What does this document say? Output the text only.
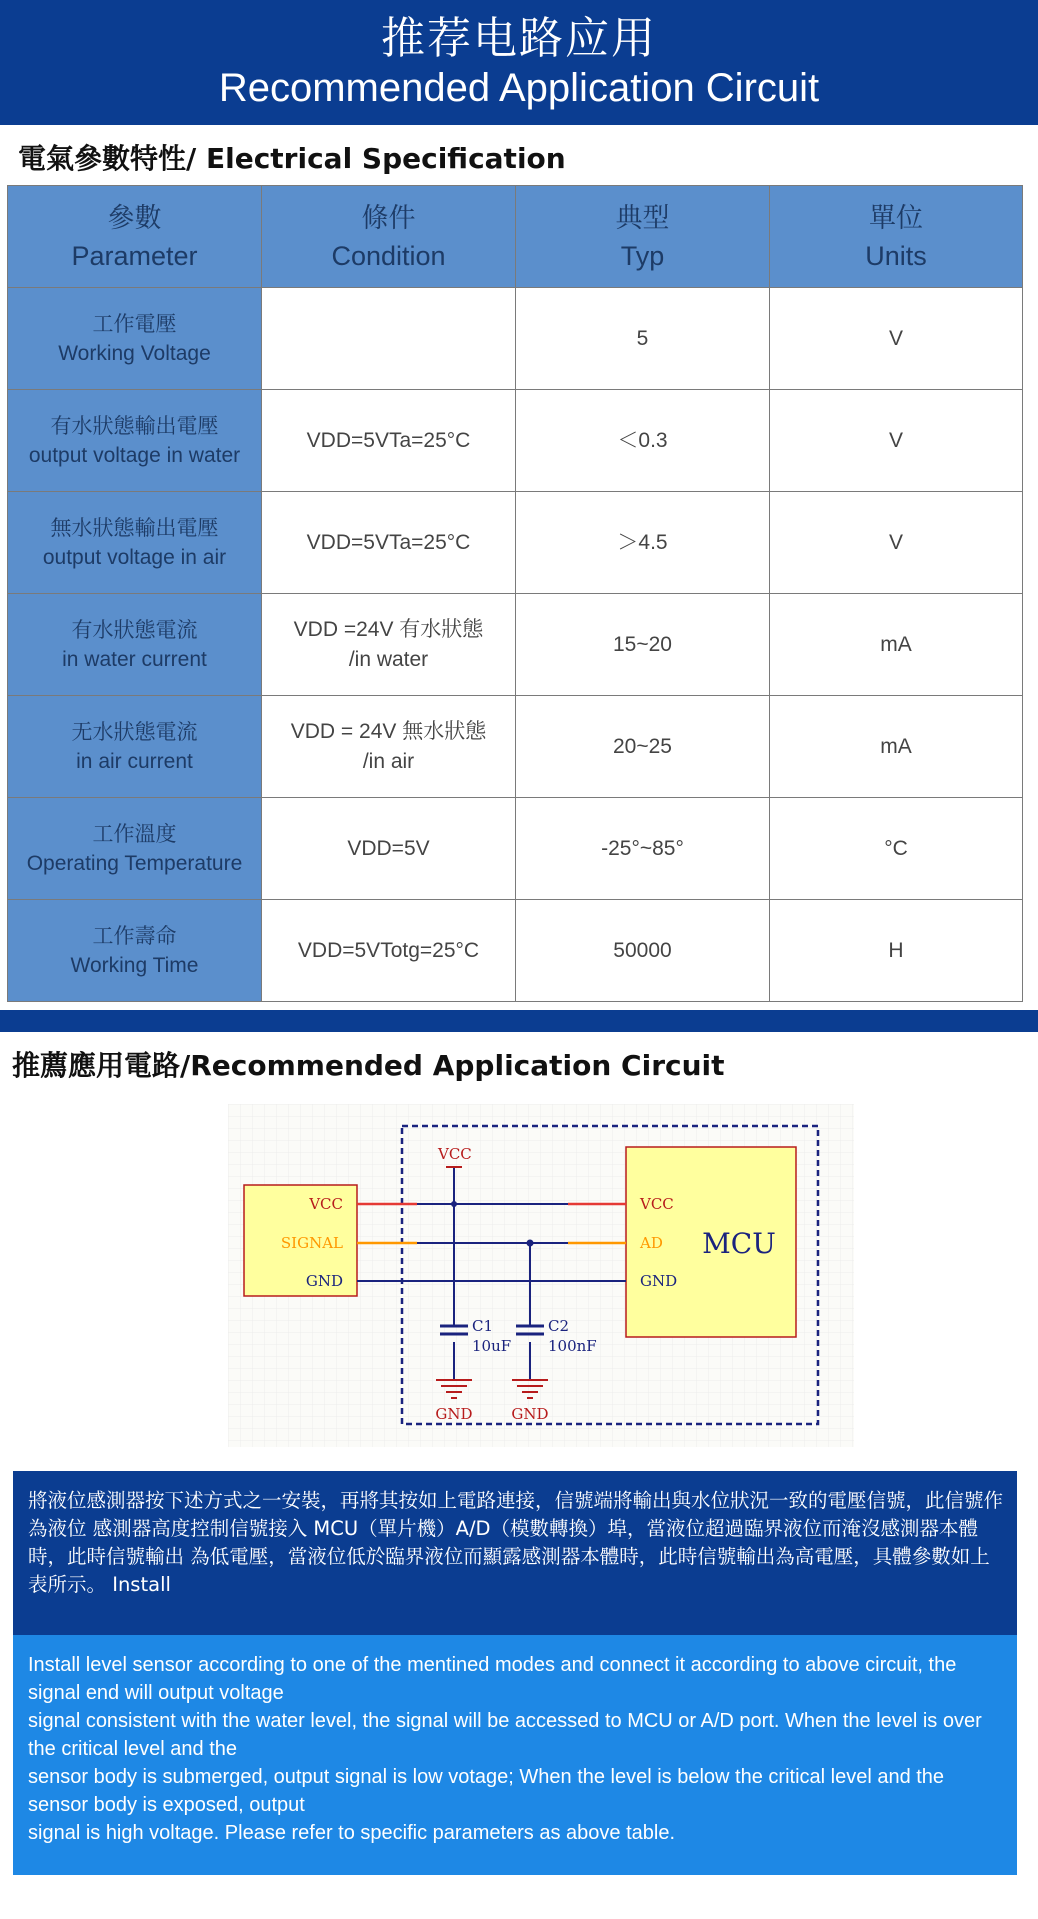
推荐电路应用
Recommended Application Circuit
電氣參數特性/ Electrical Specification
參數
Parameter	條件
Condition	典型
Typ	單位
Units
工作電壓
Working Voltage		5	V
有水狀態輸出電壓
output voltage in water	VDD=5VTa=25°C	＜0.3	V
無水狀態輸出電壓
output voltage in air	VDD=5VTa=25°C	＞4.5	V
有水狀態電流
in water current	VDD =24V 有水狀態
/in water	15~20	mA
无水狀態電流
in air current	VDD = 24V 無水狀態
/in air	20~25	mA
工作溫度
Operating Temperature	VDD=5V	-25°~85°	°C
工作壽命
Working Time	VDD=5VTotg=25°C	50000	H
推薦應用電路/Recommended Application Circuit
VCC
SIGNAL
GND
VCC
AD
GND
VCC
C1
10uF
C2
100nF
GND	GND
MCU
將液位感測器按下述方式之一安裝，再將其按如上電路連接，信號端將輸出與水位狀況一致的電壓信號，此信號作為液位 感測器高度控制信號接入 MCU（單片機）A/D（模數轉換）埠，當液位超過臨界液位而淹沒感測器本體時，此時信號輸出 為低電壓，當液位低於臨界液位而顯露感測器本體時，此時信號輸出為高電壓，具體參數如上表所示。 Install

Install level sensor according to one of the mentined modes and connect it according to above circuit, the signal end will output voltage

signal consistent with the water level, the signal will be accessed to MCU or A/D port. When the level is over the critical level and the

sensor body is submerged, output signal is low votage; When the level is below the critical level and the sensor body is exposed, output

signal is high voltage. Please refer to specific parameters as above table.
